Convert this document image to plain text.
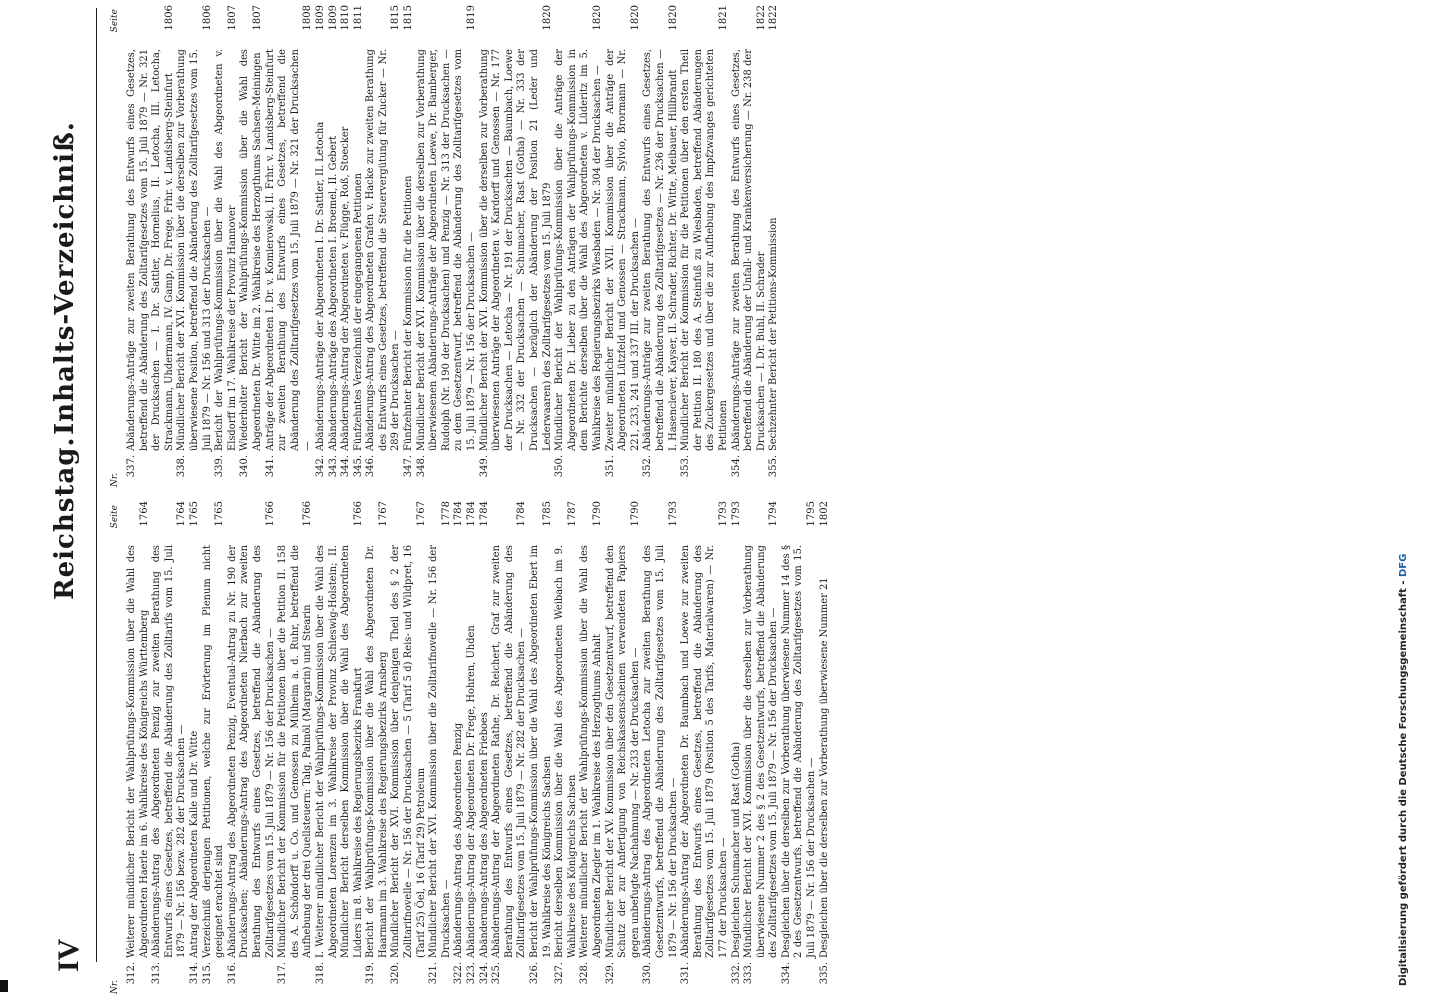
IV
Reichstag.
Inhalts-Verzeichniß.
Nr.
Seite
312.
Weiterer mündlicher Bericht der Wahlprüfungs-Kommission über die Wahl des Abgeordneten Haerle im 6. Wahlkreise des Königreichs Württemberg
1764
313.
Abänderungs-Antrag des Abgeordneten Penzig zur zweiten Berathung des Entwurfs eines Gesetzes, betreffend die Abänderung des Zolltarifs vom 15. Juli 1879 — Nr. 156 bezw. 282 der Drucksachen —
1764
314.
Antrag der Abgeordneten Kalle und Dr. Witte
1765
315.
Verzeichniß derjenigen Petitionen, welche zur Erörterung im Plenum nicht geeignet erachtet sind
1765
316.
Abänderungs-Antrag des Abgeordneten Penzig, Eventual-Antrag zu Nr. 190 der Drucksachen; Abänderungs-Antrag des Abgeordneten Nierbach zur zweiten Berathung des Entwurfs eines Gesetzes, betreffend die Abänderung des Zolltarifgesetzes vom 15. Juli 1879 — Nr. 156 der Drucksachen —
1766
317.
Mündlicher Bericht der Kommission für die Petitionen über die Petition II. 158 des A. Schöndorff u. Co. und Genossen zu Mülheim a. d. Ruhr, betreffend die Aufhebung der drei Quellsteuern: Talg, Palmöl (Margarin) und Stearin
1766
318.
I. Weiterer mündlicher Bericht der Wahlprüfungs-Kommission über die Wahl des Abgeordneten Lorenzen im 3. Wahlkreise der Provinz Schleswig-Holstein; II. Mündlicher Bericht derselben Kommission über die Wahl des Abgeordneten Lüders im 8. Wahlkreise des Regierungsbezirks Frankfurt
1766
319.
Bericht der Wahlprüfungs-Kommission über die Wahl des Abgeordneten Dr. Haarmann im 3. Wahlkreise des Regierungsbezirks Arnsberg
1767
320.
Mündlicher Bericht der XVI. Kommission über denjenigen Theil des § 2 der Zolltarifnovelle — Nr. 156 der Drucksachen — 5 (Tarif 5 d) Reis- und Wildpret, 16 (Tarif 25) Öel, 16 (Tarif 29) Petroleum
1767
321.
Mündlicher Bericht der XVI. Kommission über die Zolltarifnovelle — Nr. 156 der Drucksachen —
1778
322.
Abänderungs-Antrag des Abgeordneten Penzig
1784
323.
Abänderungs-Antrag der Abgeordneten Dr. Frege, Hohren, Uhden
1784
324.
Abänderungs-Antrag des Abgeordneten Frieboes
1784
325.
Abänderungs-Antrag der Abgeordneten Rathe, Dr. Reichert, Graf zur zweiten Berathung des Entwurfs eines Gesetzes, betreffend die Abänderung des Zolltarifgesetzes vom 15. Juli 1879 — Nr. 282 der Drucksachen —
1784
326.
Bericht der Wahlprüfungs-Kommission über die Wahl des Abgeordneten Ebert im 19. Wahlkreise des Königreichs Sachsen
1785
327.
Bericht derselben Kommission über die Wahl des Abgeordneten Weibach im 9. Wahlkreise des Königreichs Sachsen
1787
328.
Weiterer mündlicher Bericht der Wahlprüfungs-Kommission über die Wahl des Abgeordneten Ziegler im 1. Wahlkreise des Herzogthums Anhalt
1790
329.
Mündlicher Bericht der XV. Kommission über den Gesetzentwurf, betreffend den Schutz der zur Anfertigung von Reichskassenscheinen verwendeten Papiers gegen unbefugte Nachahmung — Nr. 233 der Drucksachen —
1790
330.
Abänderungs-Antrag des Abgeordneten Letocha zur zweiten Berathung des Gesetzentwurfs, betreffend die Abänderung des Zolltarifgesetzes vom 15. Juli 1879 — Nr. 156 der Drucksachen —
1793
331.
Abänderungs-Antrag der Abgeordneten Dr. Baumbach und Loewe zur zweiten Berathung des Entwurfs eines Gesetzes, betreffend die Abänderung des Zolltarifgesetzes vom 15. Juli 1879 (Position 5 des Tarifs, Materialwaren) — Nr. 177 der Drucksachen —
1793
332.
Desgleichen Schumacher und Rast (Gotha)
1793
333.
Mündlicher Bericht der XVI. Kommission über die derselben zur Vorberathung überwiesene Nummer 2 des § 2 des Gesetzentwurfs, betreffend die Abänderung des Zolltarifgesetzes vom 15. Juli 1879 — Nr. 156 der Drucksachen —
1794
334.
Desgleichen über die derselben zur Vorberathung überwiesene Nummer 14 des § 2 des Gesetzentwurfs, betreffend die Abänderung des Zolltarifgesetzes vom 15. Juli 1879 — Nr. 156 der Drucksachen —
1795
335.
Desgleichen über die derselben zur Vorberathung überwiesene Nummer 21
1802
Nr.
Seite
337.
Abänderungs-Anträge zur zweiten Berathung des Entwurfs eines Gesetzes, betreffend die Abänderung des Zolltarifgesetzes vom 15. Juli 1879 — Nr. 321 der Drucksachen — I. Dr. Sattler, Hornelius, II. Letocha, III. Letocha, Strackmann, Uhdermann, IV. Gamp, Dr. Frege, Frhr. v. Landsberg-Steinfurt
1806
338.
Mündlicher Bericht der XVI. Kommission über die derselben zur Vorberathung überwiesene Position, betreffend die Abänderung des Zolltarifgesetzes vom 15. Juli 1879 — Nr. 156 und 313 der Drucksachen —
1806
339.
Bericht der Wahlprüfungs-Kommission über die Wahl des Abgeordneten v. Elsdorff im 17. Wahlkreise der Provinz Hannover
1807
340.
Wiederholter Bericht der Wahlprüfungs-Kommission über die Wahl des Abgeordneten Dr. Witte im 2. Wahlkreise des Herzogthums Sachsen-Meiningen
1807
341.
Anträge der Abgeordneten I. Dr. v. Komierowski, II. Frhr. v. Landsberg-Steinfurt zur zweiten Berathung des Entwurfs eines Gesetzes, betreffend die Abänderung des Zolltarifgesetzes vom 15. Juli 1879 — Nr. 321 der Drucksachen —
1808
342.
Abänderungs-Anträge der Abgeordneten I. Dr. Sattler, II. Letocha
1809
343.
Abänderungs-Anträge des Abgeordneten I. Broemel, II. Gebert
1809
344.
Abänderungs-Antrag der Abgeordneten v. Flügge, Roß, Stoecker
1810
345.
Fünfzehntes Verzeichniß der eingegangenen Petitionen
1811
346.
Abänderungs-Antrag des Abgeordneten Grafen v. Hacke zur zweiten Berathung des Entwurfs eines Gesetzes, betreffend die Steuervergütung für Zucker — Nr. 289 der Drucksachen —
1815
347.
Fünfzehnter Bericht der Kommission für die Petitionen
1815
348.
Mündlicher Bericht der XVI. Kommission über die derselben zur Vorberathung überwiesenen Abänderungs-Anträge der Abgeordneten Loewe, Dr. Bamberger, Rudolph (Nr. 190 der Drucksachen) und Penzig — Nr. 313 der Drucksachen — zu dem Gesetzentwurf, betreffend die Abänderung des Zolltarifgesetzes vom 15. Juli 1879 — Nr. 156 der Drucksachen —
1819
349.
Mündlicher Bericht der XVI. Kommission über die derselben zur Vorberathung überwiesenen Anträge der Abgeordneten v. Kardorff und Genossen — Nr. 177 der Drucksachen — Letocha — Nr. 191 der Drucksachen — Baumbach, Loewe — Nr. 332 der Drucksachen — Schumacher, Rast (Gotha) — Nr. 333 der Drucksachen — bezüglich der Abänderung der Position 21 (Leder und Lederwaaren) des Zolltarifgesetzes vom 15. Juli 1879
1820
350.
Mündlicher Bericht der Wahlprüfungs-Kommission über die Anträge der Abgeordneten Dr. Lieber zu den Anträgen der Wahlprüfungs-Kommission in dem Berichte derselben über die Wahl des Abgeordneten v. Lüderitz im 5. Wahlkreise des Regierungsbezirks Wiesbaden — Nr. 304 der Drucksachen —
1820
351.
Zweiter mündlicher Bericht der XVII. Kommission über die Anträge der Abgeordneten Lützfeld und Genossen — Strackmann, Sylvio, Brormann — Nr. 221, 233, 241 und 337 III. der Drucksachen —
1820
352.
Abänderungs-Anträge zur zweiten Berathung des Entwurfs eines Gesetzes, betreffend die Abänderung des Zolltarifgesetzes — Nr. 236 der Drucksachen — I. Hasenclever, Kayser, II. Schrader, Richter, Dr. Witte, Meibauer, Hillbrandt
1820
353.
Mündlicher Bericht der Kommission für die Petitionen über den ersten Theil der Petition II. 180 des A. Steinfuß zu Wiesbaden, betreffend Abänderungen des Zuckergesetzes und über die zur Aufhebung des Impfzwanges gerichteten Petitionen
1821
354.
Abänderungs-Anträge zur zweiten Berathung des Entwurfs eines Gesetzes, betreffend die Abänderung der Unfall- und Krankenversicherung — Nr. 238 der Drucksachen — I. Dr. Buhl, II. Schrader
1822
355.
Sechzehnter Bericht der Petitions-Kommission
1822
Digitalisierung gefördert durch die Deutsche Forschungsgemeinschaft - DFG
